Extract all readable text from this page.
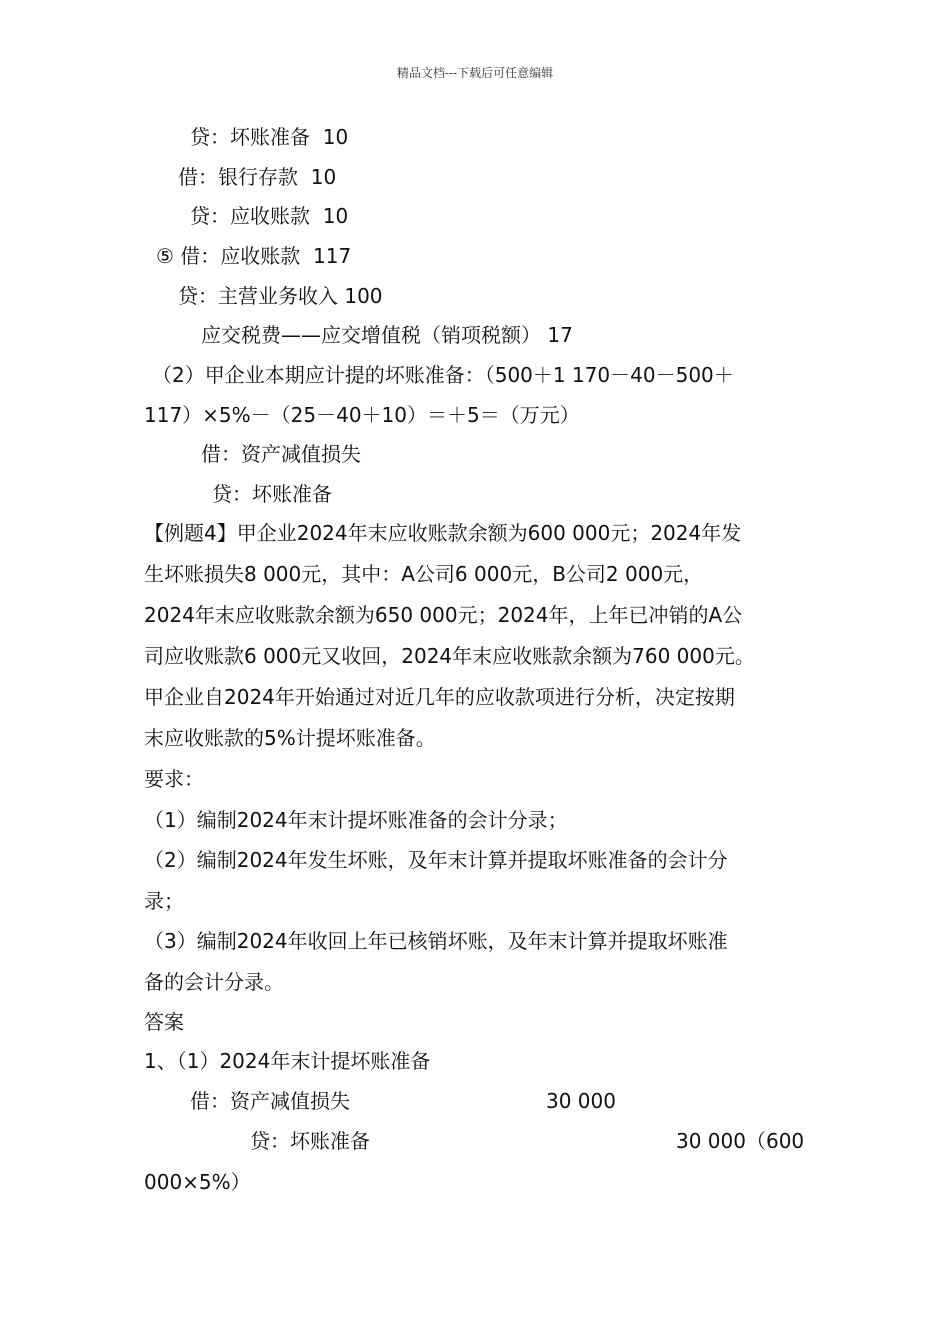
精品文档---下载后可任意编辑
贷：坏账准备  10
借：银行存款  10
贷：应收账款  10
⑤ 借：应收账款  117
贷：主营业务收入 100
应交税费——应交增值税（销项税额） 17
（2）甲企业本期应计提的坏账准备：（500＋1 170－40－500＋
117）×5%－（25－40＋10）＝＋5＝（万元）
借：资产减值损失
贷：坏账准备
【例题4】甲企业2024年末应收账款余额为600 000元；2024年发
生坏账损失8 000元，其中：A公司6 000元，B公司2 000元，
2024年末应收账款余额为650 000元；2024年，上年已冲销的A公
司应收账款6 000元又收回，2024年末应收账款余额为760 000元。
甲企业自2024年开始通过对近几年的应收款项进行分析，决定按期
末应收账款的5%计提坏账准备。
要求：
（1）编制2024年末计提坏账准备的会计分录；
（2）编制2024年发生坏账，及年末计算并提取坏账准备的会计分
录；
（3）编制2024年收回上年已核销坏账，及年末计算并提取坏账准
备的会计分录。
答案
1、（1）2024年末计提坏账准备
借：资产减值损失	30 000
贷：坏账准备	30 000（600
000×5%）
